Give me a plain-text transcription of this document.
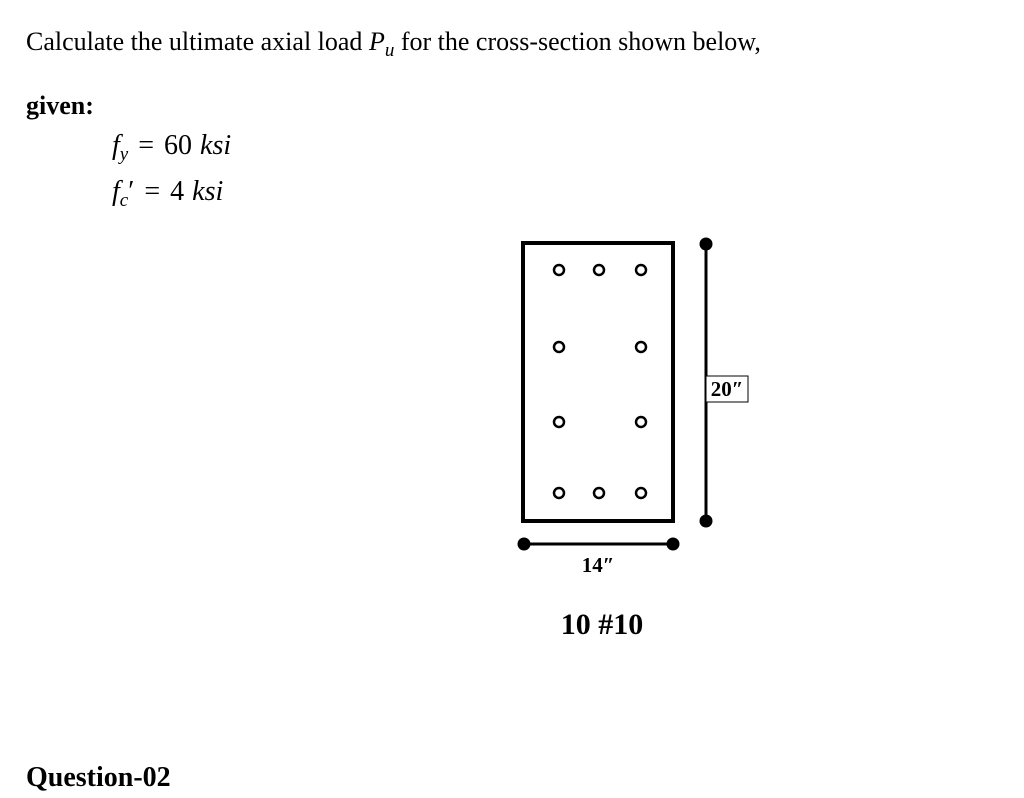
Calculate the ultimate axial load $P_u$ for the cross-section shown below,
given:
$f_y = 60$ ksi
$f_c' = 4$ ksi
20″
14″
10 #10
Question-02
